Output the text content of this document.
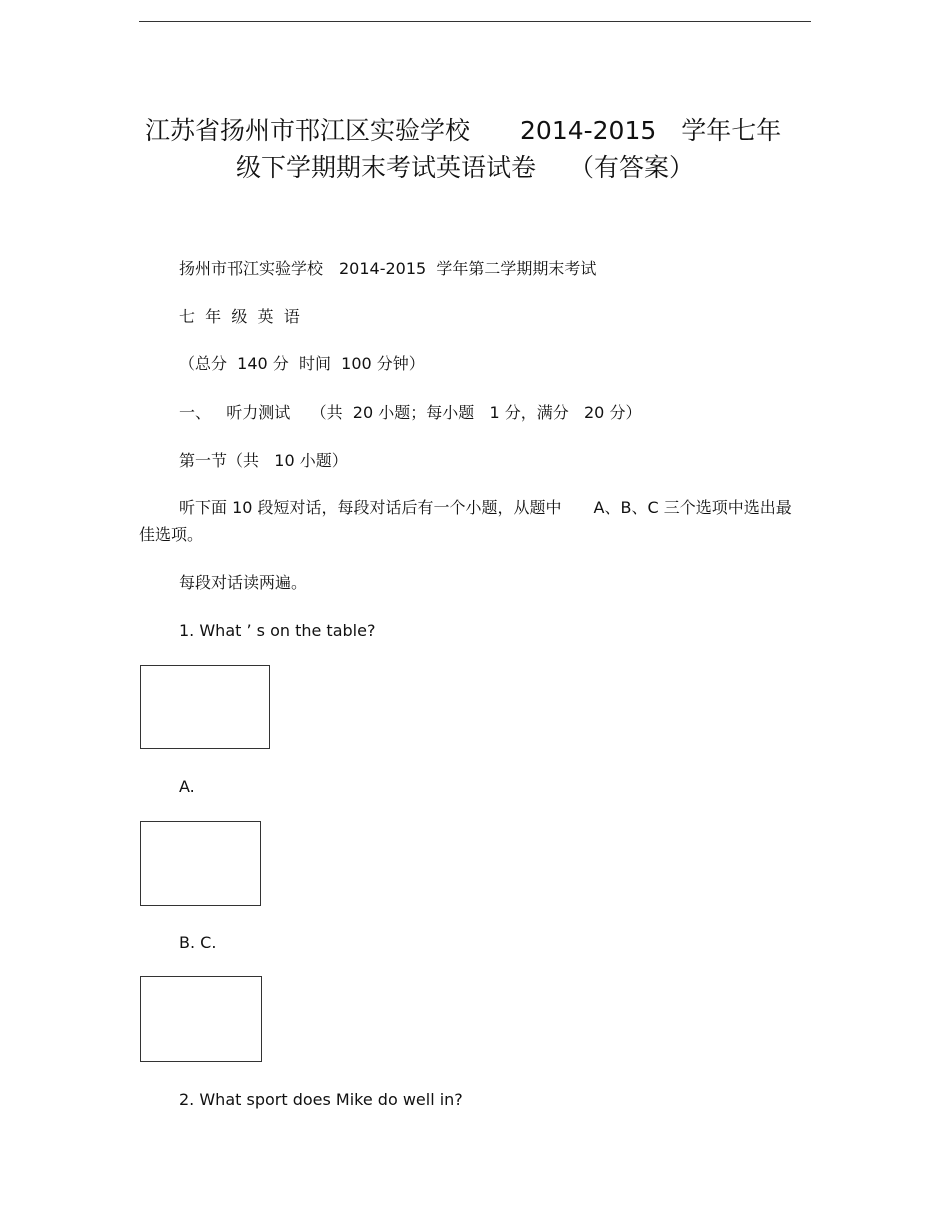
江苏省扬州市邗江区实验学校　　2014-2015　学年七年
级下学期期末考试英语试卷　 （有答案）
扬州市邗江实验学校　2014-2015  学年第二学期期末考试
七  年  级  英  语
（总分  140 分  时间  100 分钟）
一、   听力测试    （共  20 小题；每小题   1 分，满分   20 分）
第一节（共   10 小题）
听下面 10 段短对话，每段对话后有一个小题，从题中　　A、B、C 三个选项中选出最佳选项。
每段对话读两遍。
1. What ’ s on the table?
A.
B. C.
2. What sport does Mike do well in?
